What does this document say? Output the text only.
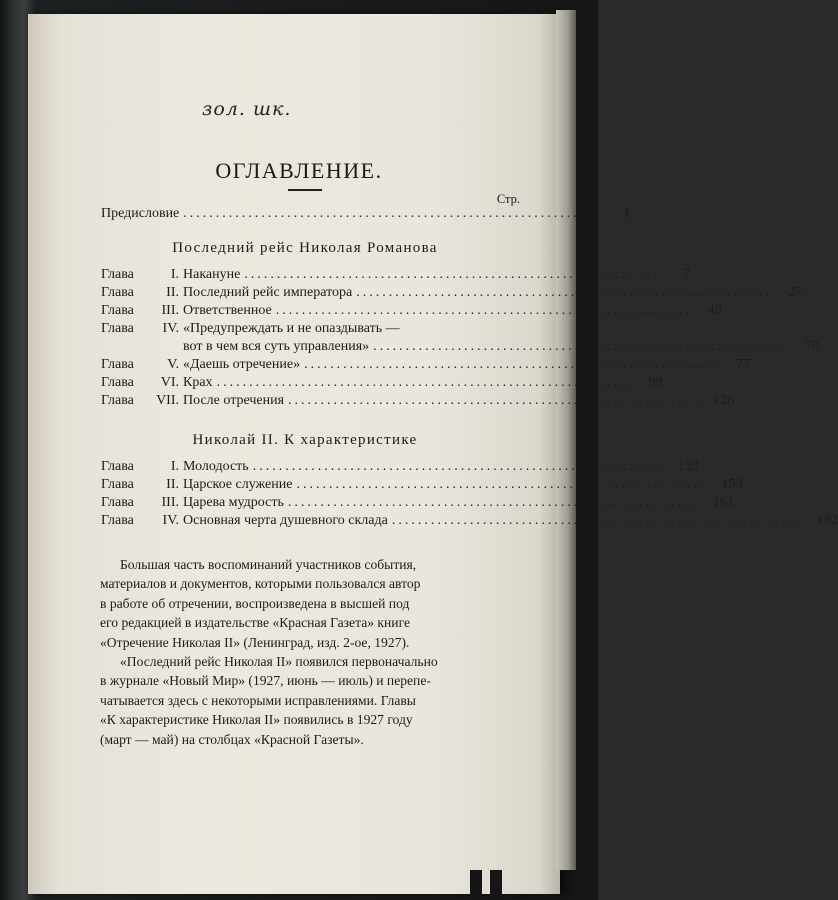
зол. шк.
ОГЛАВЛЕНИЕ.
Стр.
Предисловие ................................................................	3
Последний рейс Николая Романова
Глава	I. Накануне ................................................................	7
Глава II. Последний рейс императора ................................................................	27
Глава III. Ответственное ................................................................	49
Глава IV. «Предупреждать и не опаздывать —
вот в чем вся суть управления» ................................................................	70
Глава V. «Даешь отречение» ................................................................	77
Глава VI. Крах ................................................................	99
Глава VII. После отречения ................................................................ 126
Николай II. К характеристике
Глава	I. Молодость ................................................................ 133
Глава II. Царское служение ................................................................ 153
Глава III. Царева мудрость ................................................................ 161
Глава IV. Основная черта душевного склада ................................................................ 182
Большая часть воспоминаний участников события,
материалов и документов, которыми пользовался автор
в работе об отречении, воспроизведена в высшей под
его редакцией в издательстве «Красная Газета» книге
«Отречение Николая II» (Ленинград, изд. 2-ое, 1927).
«Последний рейс Николая II» появился первоначально
в журнале «Новый Мир» (1927, июнь — июль) и перепе-
чатывается здесь с некоторыми исправлениями. Главы
«К характеристике Николая II» появились в 1927 году
(март — май) на столбцах «Красной Газеты».
